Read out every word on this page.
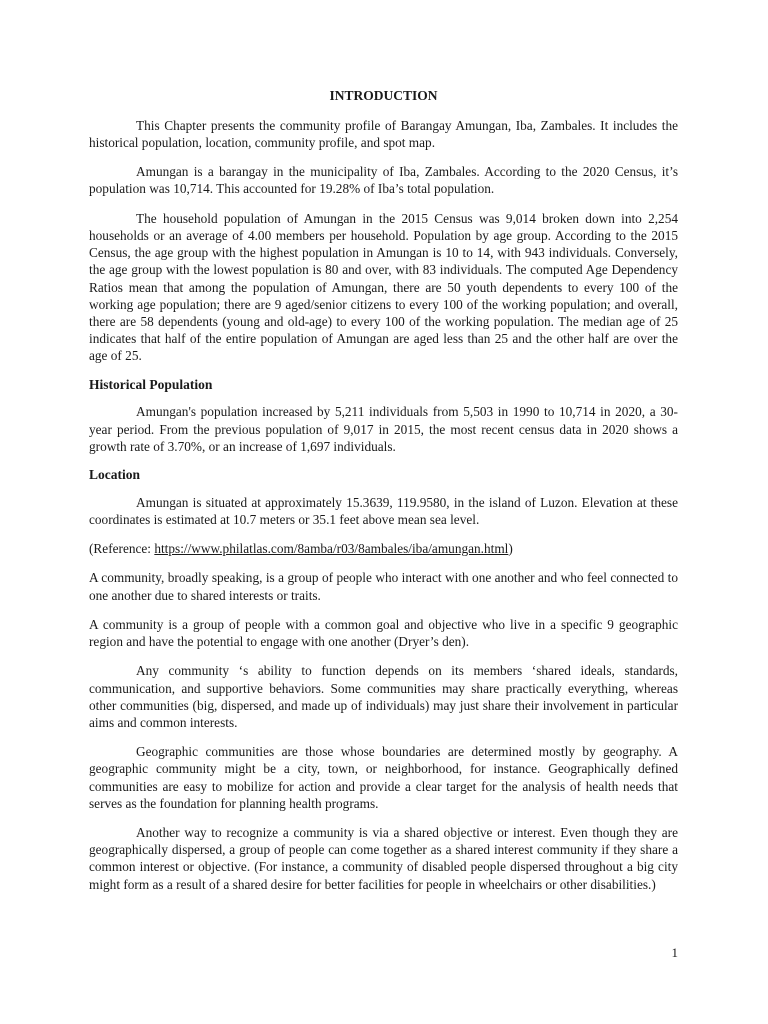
INTRODUCTION

This Chapter presents the community profile of Barangay Amungan, Iba, Zambales. It includes the historical population, location, community profile, and spot map.

Amungan is a barangay in the municipality of Iba, Zambales. According to the 2020 Census, it’s population was 10,714. This accounted for 19.28% of Iba’s total population.

The household population of Amungan in the 2015 Census was 9,014 broken down into 2,254 households or an average of 4.00 members per household. Population by age group. According to the 2015 Census, the age group with the highest population in Amungan is 10 to 14, with 943 individuals. Conversely, the age group with the lowest population is 80 and over, with 83 individuals. The computed Age Dependency Ratios mean that among the population of Amungan, there are 50 youth dependents to every 100 of the working age population; there are 9 aged/senior citizens to every 100 of the working population; and overall, there are 58 dependents (young and old-age) to every 100 of the working population. The median age of 25 indicates that half of the entire population of Amungan are aged less than 25 and the other half are over the age of 25.

Historical Population

Amungan's population increased by 5,211 individuals from 5,503 in 1990 to 10,714 in 2020, a 30-year period. From the previous population of 9,017 in 2015, the most recent census data in 2020 shows a growth rate of 3.70%, or an increase of 1,697 individuals.

Location

Amungan is situated at approximately 15.3639, 119.9580, in the island of Luzon. Elevation at these coordinates is estimated at 10.7 meters or 35.1 feet above mean sea level.

(Reference: https://www.philatlas.com/8amba/r03/8ambales/iba/amungan.html)

A community, broadly speaking, is a group of people who interact with one another and who feel connected to one another due to shared interests or traits.

A community is a group of people with a common goal and objective who live in a specific 9 geographic region and have the potential to engage with one another (Dryer’s den).

Any community ‘s ability to function depends on its members ‘shared ideals, standards, communication, and supportive behaviors. Some communities may share practically everything, whereas other communities (big, dispersed, and made up of individuals) may just share their involvement in particular aims and common interests.

Geographic communities are those whose boundaries are determined mostly by geography. A geographic community might be a city, town, or neighborhood, for instance. Geographically defined communities are easy to mobilize for action and provide a clear target for the analysis of health needs that serves as the foundation for planning health programs.

Another way to recognize a community is via a shared objective or interest. Even though they are geographically dispersed, a group of people can come together as a shared interest community if they share a common interest or objective. (For instance, a community of disabled people dispersed throughout a big city might form as a result of a shared desire for better facilities for people in wheelchairs or other disabilities.)

1
